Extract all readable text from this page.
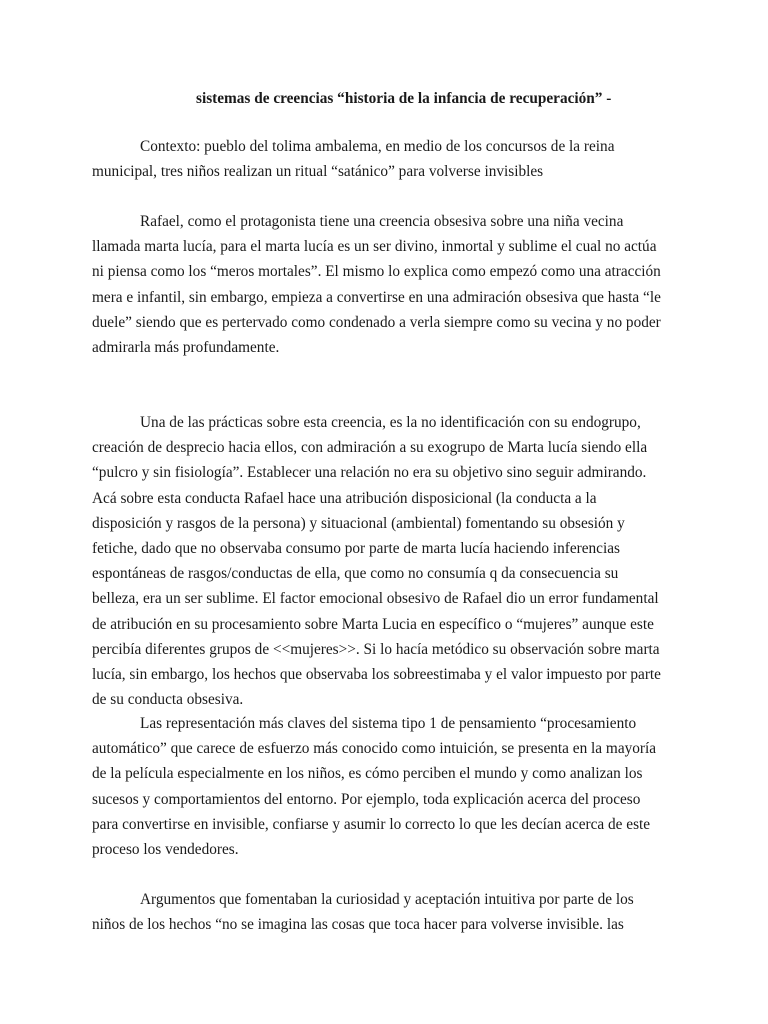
sistemas de creencias “historia de la infancia de recuperación” -

Contexto: pueblo del tolima ambalema, en medio de los concursos de la reina
municipal, tres niños realizan un ritual “satánico” para volverse invisibles
Rafael, como el protagonista tiene una creencia obsesiva sobre una niña vecina
llamada marta lucía, para el marta lucía es un ser divino, inmortal y sublime el cual no actúa
ni piensa como los “meros mortales”. El mismo lo explica como empezó como una atracción
mera e infantil, sin embargo, empieza a convertirse en una admiración obsesiva que hasta “le
duele” siendo que es pertervado como condenado a verla siempre como su vecina y no poder
admirarla más profundamente.
Una de las prácticas sobre esta creencia, es la no identificación con su endogrupo,
creación de desprecio hacia ellos, con admiración a su exogrupo de Marta lucía siendo ella
“pulcro y sin fisiología”. Establecer una relación no era su objetivo sino seguir admirando.
Acá sobre esta conducta Rafael hace una atribución disposicional (la conducta a la
disposición y rasgos de la persona) y situacional (ambiental) fomentando su obsesión y
fetiche, dado que no observaba consumo por parte de marta lucía haciendo inferencias
espontáneas de rasgos/conductas de ella, que como no consumía q da consecuencia su
belleza, era un ser sublime. El factor emocional obsesivo de Rafael dio un error fundamental
de atribución en su procesamiento sobre Marta Lucia en específico o “mujeres” aunque este
percibía diferentes grupos de <<mujeres>>. Si lo hacía metódico su observación sobre marta
lucía, sin embargo, los hechos que observaba los sobreestimaba y el valor impuesto por parte
de su conducta obsesiva.
Las representación más claves del sistema tipo 1 de pensamiento “procesamiento
automático” que carece de esfuerzo más conocido como intuición, se presenta en la mayoría
de la película especialmente en los niños, es cómo perciben el mundo y como analizan los
sucesos y comportamientos del entorno. Por ejemplo, toda explicación acerca del proceso
para convertirse en invisible, confiarse y asumir lo correcto lo que les decían acerca de este
proceso los vendedores.
Argumentos que fomentaban la curiosidad y aceptación intuitiva por parte de los
niños de los hechos “no se imagina las cosas que toca hacer para volverse invisible. las
